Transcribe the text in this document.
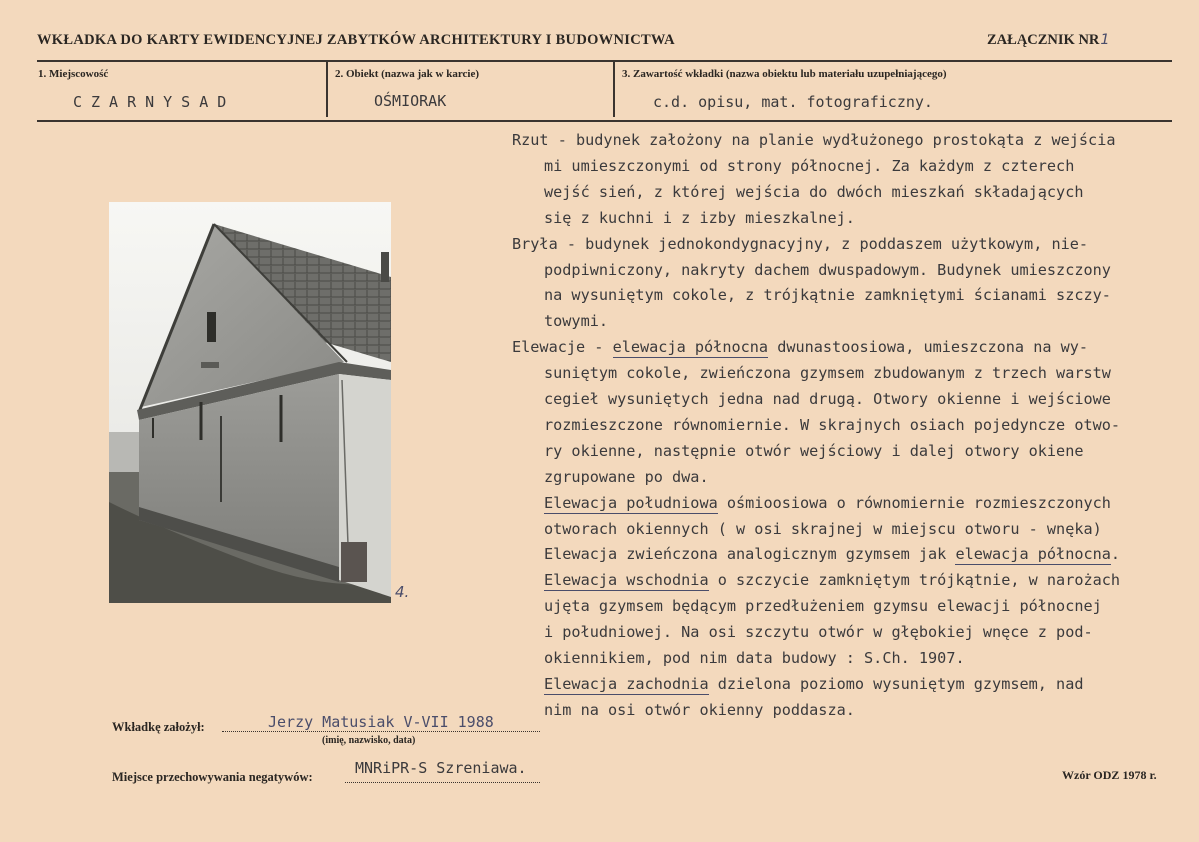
WKŁADKA DO KARTY EWIDENCYJNEJ ZABYTKÓW ARCHITEKTURY I BUDOWNICTWA	ZAŁĄCZNIK NR1
1. Miejscowość	2. Obiekt (nazwa jak w karcie)	3. Zawartość wkładki (nazwa obiektu lub materiału uzupełniającego)
CZARNYSAD	OŚMIORAK	c.d. opisu, mat. fotograficzny.
4.
Rzut - budynek założony na planie wydłużonego prostokąta z wejścia
mi umieszczonymi od strony północnej. Za każdym z czterech
wejść sień, z której wejścia do dwóch mieszkań składających
się z kuchni i z izby mieszkalnej.
Bryła - budynek jednokondygnacyjny, z poddaszem użytkowym, nie-
podpiwniczony, nakryty dachem dwuspadowym. Budynek umieszczony
na wysuniętym cokole, z trójkątnie zamkniętymi ścianami szczy-
towymi.
Elewacje - elewacja północna dwunastoosiowa, umieszczona na wy-
suniętym cokole, zwieńczona gzymsem zbudowanym z trzech warstw
cegieł wysuniętych jedna nad drugą. Otwory okienne i wejściowe
rozmieszczone równomiernie. W skrajnych osiach pojedyncze otwo-
ry okienne, następnie otwór wejściowy i dalej otwory okiene
zgrupowane po dwa.
Elewacja południowa ośmioosiowa o równomiernie rozmieszczonych
otworach okiennych ( w osi skrajnej w miejscu otworu - wnęka)
Elewacja zwieńczona analogicznym gzymsem jak elewacja północna.
Elewacja wschodnia o szczycie zamkniętym trójkątnie, w narożach
ujęta gzymsem będącym przedłużeniem gzymsu elewacji północnej
i południowej. Na osi szczytu otwór w głębokiej wnęce z pod-
okiennikiem, pod nim data budowy : S.Ch. 1907.
Elewacja zachodnia dzielona poziomo wysuniętym gzymsem, nad
nim na osi otwór okienny poddasza.
Wkładkę założył:	Jerzy Matusiak V-VII 1988
(imię, nazwisko, data)
Miejsce przechowywania negatywów:	MNRiPR-S Szreniawa.	Wzór ODZ 1978 r.
